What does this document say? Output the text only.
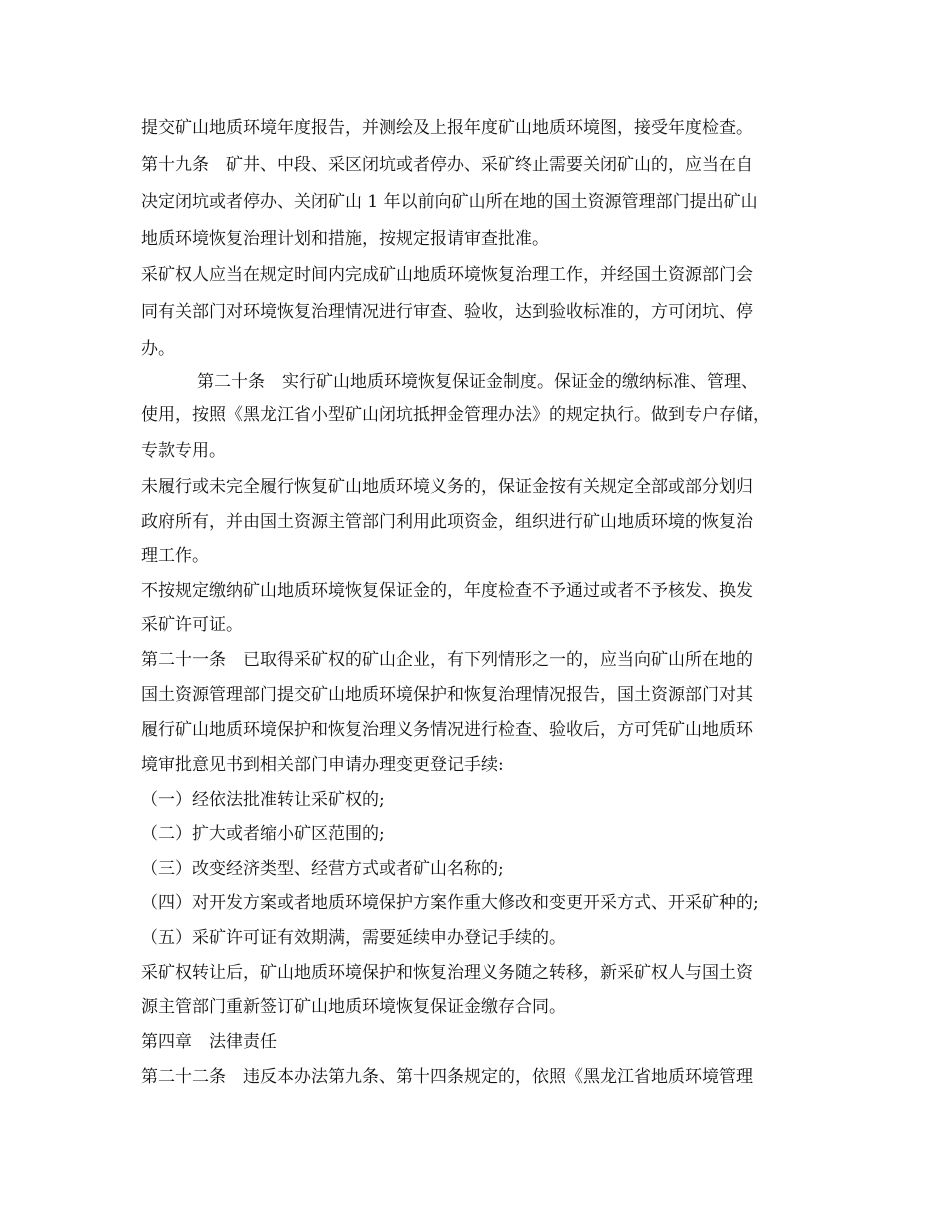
提交矿山地质环境年度报告，并测绘及上报年度矿山地质环境图，接受年度检查。
第十九条　矿井、中段、采区闭坑或者停办、采矿终止需要关闭矿山的，应当在自
决定闭坑或者停办、关闭矿山 1 年以前向矿山所在地的国土资源管理部门提出矿山
地质环境恢复治理计划和措施，按规定报请审查批准。
采矿权人应当在规定时间内完成矿山地质环境恢复治理工作，并经国土资源部门会
同有关部门对环境恢复治理情况进行审查、验收，达到验收标准的，方可闭坑、停
办。
第二十条　实行矿山地质环境恢复保证金制度。保证金的缴纳标准、管理、
使用，按照《黑龙江省小型矿山闭坑抵押金管理办法》的规定执行。做到专户存储，
专款专用。
未履行或未完全履行恢复矿山地质环境义务的，保证金按有关规定全部或部分划归
政府所有，并由国土资源主管部门利用此项资金，组织进行矿山地质环境的恢复治
理工作。
不按规定缴纳矿山地质环境恢复保证金的，年度检查不予通过或者不予核发、换发
采矿许可证。
第二十一条　已取得采矿权的矿山企业，有下列情形之一的，应当向矿山所在地的
国土资源管理部门提交矿山地质环境保护和恢复治理情况报告，国土资源部门对其
履行矿山地质环境保护和恢复治理义务情况进行检查、验收后，方可凭矿山地质环
境审批意见书到相关部门申请办理变更登记手续:
（一）经依法批准转让采矿权的;
（二）扩大或者缩小矿区范围的;
（三）改变经济类型、经营方式或者矿山名称的;
（四）对开发方案或者地质环境保护方案作重大修改和变更开采方式、开采矿种的;
（五）采矿许可证有效期满，需要延续申办登记手续的。
采矿权转让后，矿山地质环境保护和恢复治理义务随之转移，新采矿权人与国土资
源主管部门重新签订矿山地质环境恢复保证金缴存合同。
第四章　法律责任
第二十二条　违反本办法第九条、第十四条规定的，依照《黑龙江省地质环境管理
